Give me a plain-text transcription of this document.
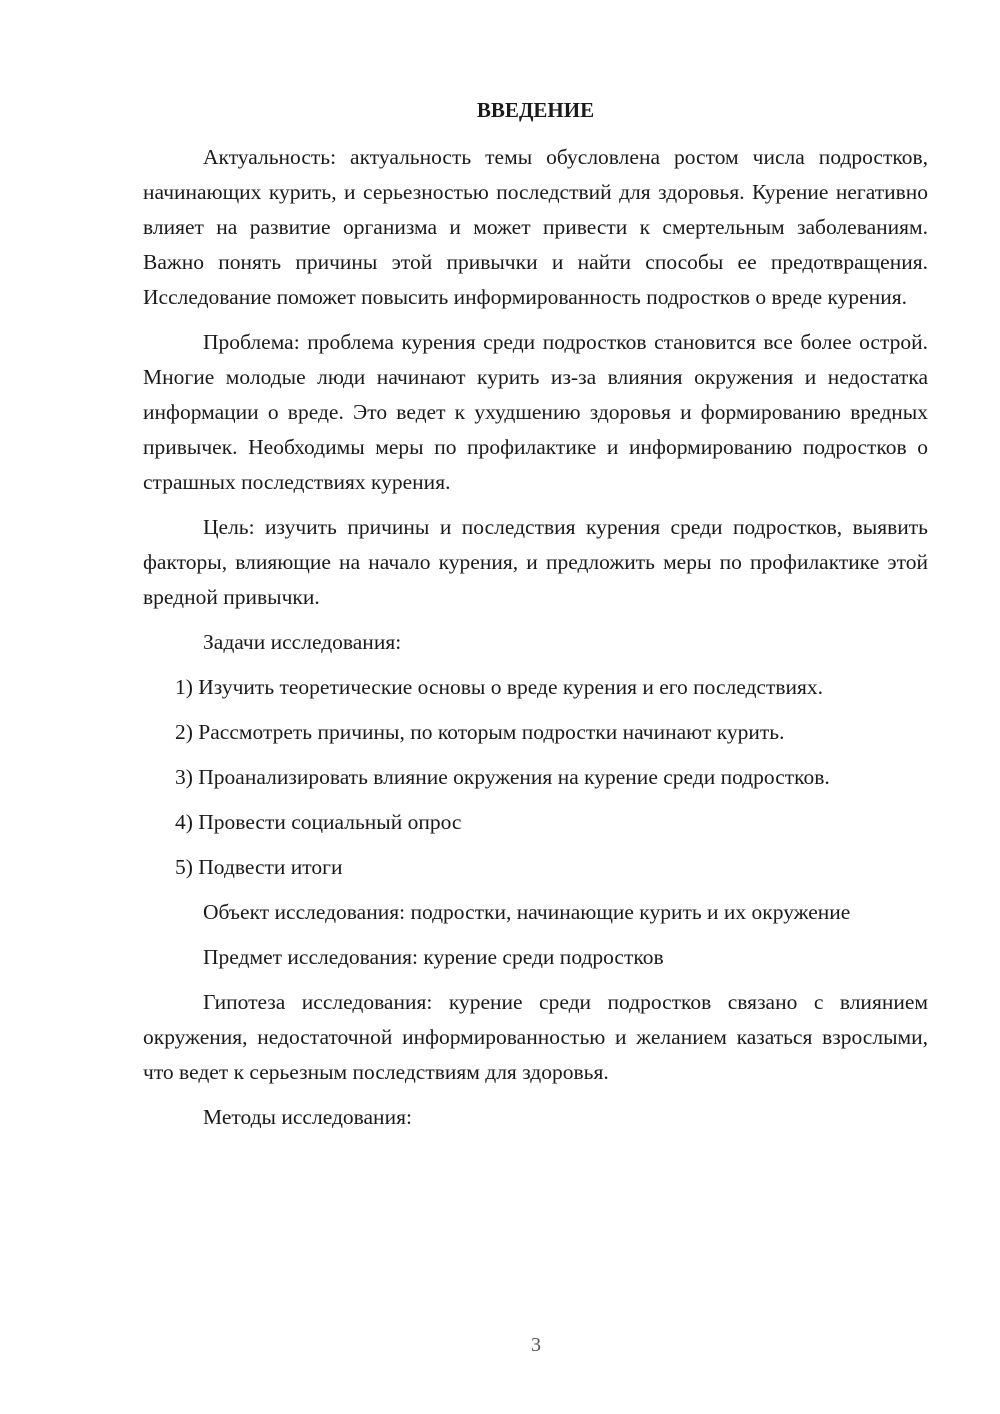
ВВЕДЕНИЕ

Актуальность: актуальность темы обусловлена ростом числа подростков, начинающих курить, и серьезностью последствий для здоровья. Курение негативно влияет на развитие организма и может привести к смертельным заболеваниям. Важно понять причины этой привычки и найти способы ее предотвращения. Исследование поможет повысить информированность подростков о вреде курения.

Проблема: проблема курения среди подростков становится все более острой. Многие молодые люди начинают курить из-за влияния окружения и недостатка информации о вреде. Это ведет к ухудшению здоровья и формированию вредных привычек. Необходимы меры по профилактике и информированию подростков о страшных последствиях курения.

Цель: изучить причины и последствия курения среди подростков, выявить факторы, влияющие на начало курения, и предложить меры по профилактике этой вредной привычки.

Задачи исследования:

1) Изучить теоретические основы о вреде курения и его последствиях.

2) Рассмотреть причины, по которым подростки начинают курить.

3) Проанализировать влияние окружения на курение среди подростков.

4) Провести социальный опрос

5) Подвести итоги

Объект исследования: подростки, начинающие курить и их окружение

Предмет исследования: курение среди подростков

Гипотеза исследования: курение среди подростков связано с влиянием окружения, недостаточной информированностью и желанием казаться взрослыми, что ведет к серьезным последствиям для здоровья.

Методы исследования:

3
